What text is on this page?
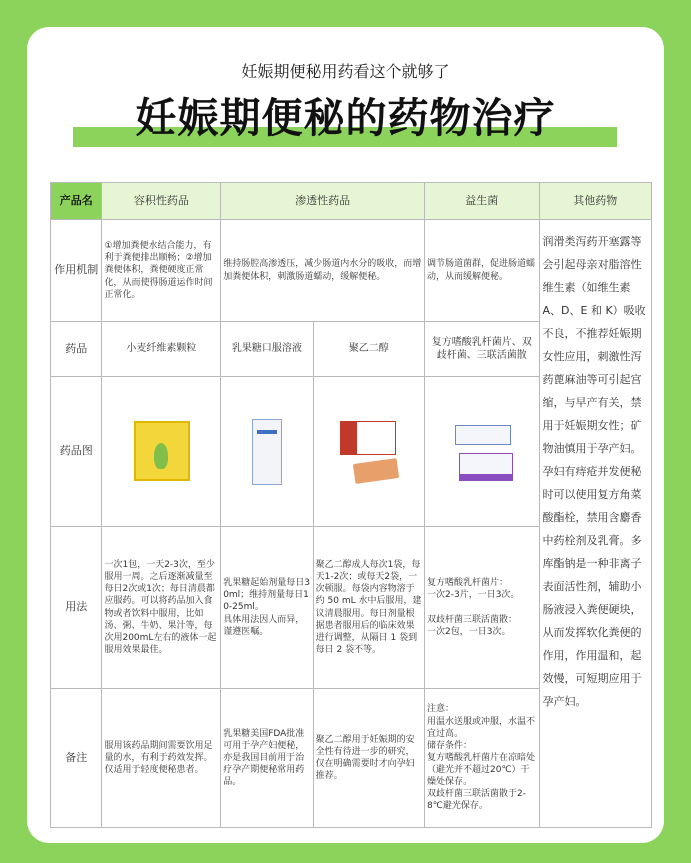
妊娠期便秘用药看这个就够了
妊娠期便秘的药物治疗
产品名	容积性药品	渗透性药品		益生菌	其他药物
作用机制	①增加粪便水结合能力，有利于粪便排出顺畅；②增加粪便体积，粪便硬度正常化，从而使得肠道运作时间正常化。	维持肠腔高渗透压，减少肠道内水分的吸收，而增加粪便体积，刺激肠道蠕动，缓解便秘。		调节肠道菌群，促进肠道蠕动，从而缓解便秘。	润滑类泻药开塞露等会引起母亲对脂溶性维生素（如维生素 A、D、E 和 K）吸收不良，不推荐妊娠期女性应用，刺激性泻药蓖麻油等可引起宫缩，与早产有关，禁用于妊娠期女性；矿物油慎用于孕产妇。孕妇有痔疮并发便秘时可以使用复方角菜酸酯栓，禁用含麝香中药栓剂及乳膏。多库酯钠是一种非离子表面活性剂，辅助小肠液浸入粪便硬块，从而发挥软化粪便的作用，作用温和，起效慢，可短期应用于孕产妇。
药品	小麦纤维素颗粒	乳果糖口服溶液	聚乙二醇	复方嗜酸乳杆菌片、双歧杆菌、三联活菌散	
药品图		

用法	一次1包，一天2-3次，至少服用一周。之后逐渐减量至每日2次或1次；每日清晨都应服药。可以将药品加入食物或者饮料中服用，比如汤、粥、牛奶、果汁等，每次用200mL左右的液体一起服用效果最佳。	乳果糖起始剂量每日30ml；维持剂量每日10-25ml。
具体用法因人而异，谨遵医嘱。	聚乙二醇成人每次1袋，每天1-2次；或每天2袋，一次顿服。每袋内容物溶于约 50 mL 水中后服用，建议清晨服用。每日剂量根据患者服用后的临床效果进行调整，从隔日 1 袋到每日 2 袋不等。	复方嗜酸乳杆菌片：
一次2-3片，一日3次。

双歧杆菌三联活菌散：
一次2包，一日3次。	
备注	服用该药品期间需要饮用足量的水，有利于药效发挥。
仅适用于轻度便秘患者。	乳果糖美国FDA批准可用于孕产妇便秘，亦是我国目前用于治疗孕产期便秘常用药品。	聚乙二醇用于妊娠期的安全性有待进一步的研究，仅在明确需要时才向孕妇推荐。	注意：
用温水送服或冲服，水温不宜过高。
储存条件：
复方嗜酸乳杆菌片在凉暗处（避光并不超过20℃）干燥处保存。
双歧杆菌三联活菌散于2-8℃避光保存。	
